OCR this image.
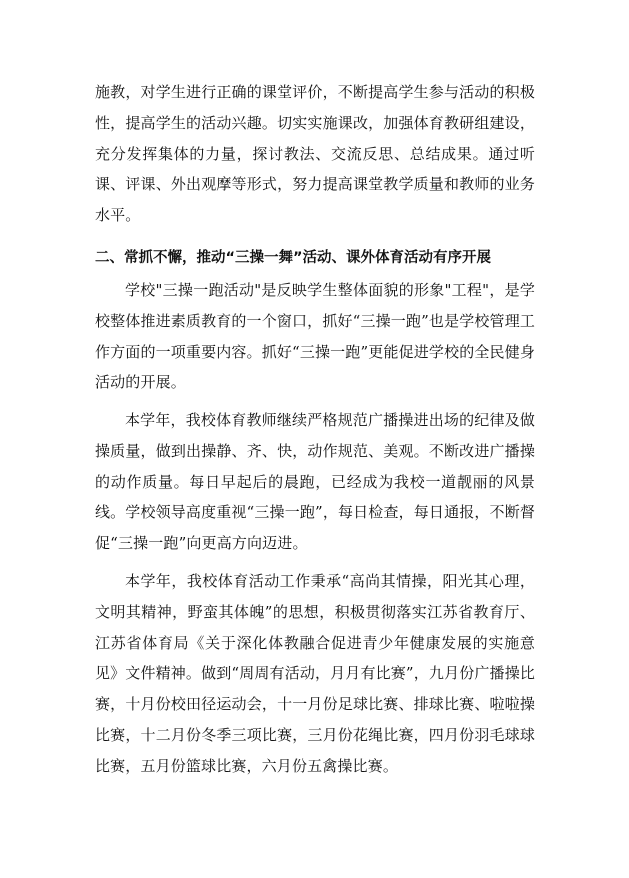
施教，对学生进行正确的课堂评价，不断提高学生参与活动的积极性，提高学生的活动兴趣。切实实施课改，加强体育教研组建设，充分发挥集体的力量，探讨教法、交流反思、总结成果。通过听课、评课、外出观摩等形式，努力提高课堂教学质量和教师的业务水平。

二、常抓不懈，推动“三操一舞”活动、课外体育活动有序开展

学校"三操一跑活动"是反映学生整体面貌的形象"工程"，是学校整体推进素质教育的一个窗口，抓好“三操一跑”也是学校管理工作方面的一项重要内容。抓好“三操一跑”更能促进学校的全民健身活动的开展。

本学年，我校体育教师继续严格规范广播操进出场的纪律及做操质量，做到出操静、齐、快，动作规范、美观。不断改进广播操的动作质量。每日早起后的晨跑，已经成为我校一道靓丽的风景线。学校领导高度重视“三操一跑”，每日检查，每日通报，不断督促“三操一跑”向更高方向迈进。

本学年，我校体育活动工作秉承“高尚其情操，阳光其心理，文明其精神，野蛮其体魄”的思想，积极贯彻落实江苏省教育厅、江苏省体育局《关于深化体教融合促进青少年健康发展的实施意见》文件精神。做到“周周有活动，月月有比赛”，九月份广播操比赛，十月份校田径运动会，十一月份足球比赛、排球比赛、啦啦操比赛，十二月份冬季三项比赛，三月份花绳比赛，四月份羽毛球球比赛，五月份篮球比赛，六月份五禽操比赛。
